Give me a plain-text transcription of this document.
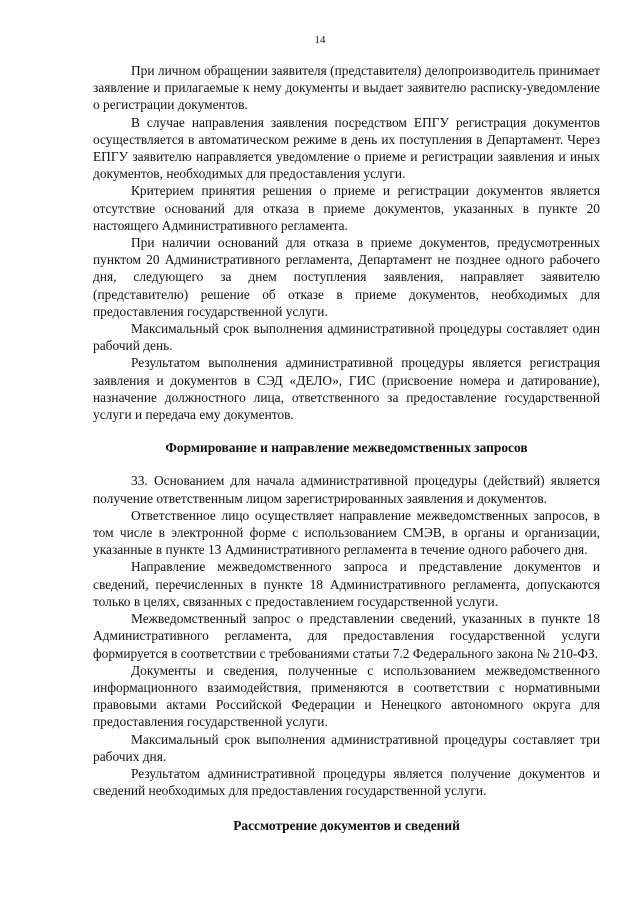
14

При личном обращении заявителя (представителя) делопроизводитель принимает заявление и прилагаемые к нему документы и выдает заявителю расписку-уведомление о регистрации документов.

В случае направления заявления посредством ЕПГУ регистрация документов осуществляется в автоматическом режиме в день их поступления в Департамент. Через ЕПГУ заявителю направляется уведомление о приеме и регистрации заявления и иных документов, необходимых для предоставления услуги.

Критерием принятия решения о приеме и регистрации документов является отсутствие оснований для отказа в приеме документов, указанных в пункте 20 настоящего Административного регламента.

При наличии оснований для отказа в приеме документов, предусмотренных пунктом 20 Административного регламента, Департамент не позднее одного рабочего дня, следующего за днем поступления заявления, направляет заявителю (представителю) решение об отказе в приеме документов, необходимых для предоставления государственной услуги.

Максимальный срок выполнения административной процедуры составляет один рабочий день.

Результатом выполнения административной процедуры является регистрация заявления и документов в СЭД «ДЕЛО», ГИС (присвоение номера и датирование), назначение должностного лица, ответственного за предоставление государственной услуги и передача ему документов.

Формирование и направление межведомственных запросов

33. Основанием для начала административной процедуры (действий) является получение ответственным лицом зарегистрированных заявления и документов.

Ответственное лицо осуществляет направление межведомственных запросов, в том числе в электронной форме с использованием СМЭВ, в органы и организации, указанные в пункте 13 Административного регламента в течение одного рабочего дня.

Направление межведомственного запроса и представление документов и сведений, перечисленных в пункте 18 Административного регламента, допускаются только в целях, связанных с предоставлением государственной услуги.

Межведомственный запрос о представлении сведений, указанных в пункте 18 Административного регламента, для предоставления государственной услуги формируется в соответствии с требованиями статьи 7.2 Федерального закона № 210-ФЗ.

Документы и сведения, полученные с использованием межведомственного информационного взаимодействия, применяются в соответствии с нормативными правовыми актами Российской Федерации и Ненецкого автономного округа для предоставления государственной услуги.

Максимальный срок выполнения административной процедуры составляет три рабочих дня.

Результатом административной процедуры является получение документов и сведений необходимых для предоставления государственной услуги.

Рассмотрение документов и сведений
